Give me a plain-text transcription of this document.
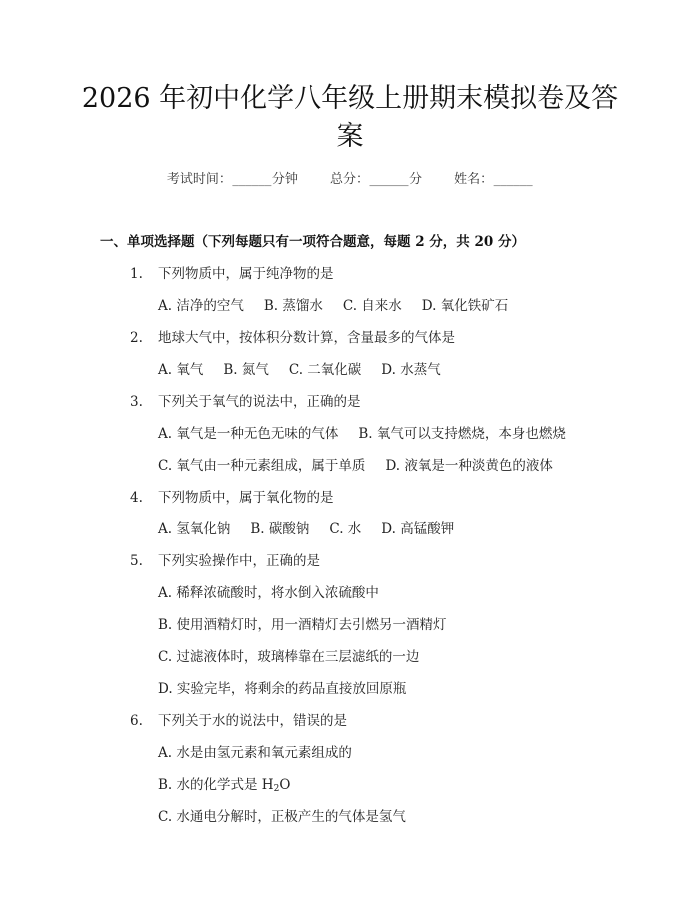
2026 年初中化学八年级上册期末模拟卷及答
案
考试时间：______分钟 总分：______分 姓名：______
一、单项选择题（下列每题只有一项符合题意，每题 2 分，共 20 分）
1. 下列物质中，属于纯净物的是
A. 洁净的空气 B. 蒸馏水 C. 自来水 D. 氧化铁矿石
2. 地球大气中，按体积分数计算，含量最多的气体是
A. 氧气 B. 氮气 C. 二氧化碳 D. 水蒸气
3. 下列关于氧气的说法中，正确的是
A. 氧气是一种无色无味的气体 B. 氧气可以支持燃烧，本身也燃烧
C. 氧气由一种元素组成，属于单质 D. 液氧是一种淡黄色的液体
4. 下列物质中，属于氧化物的是
A. 氢氧化钠 B. 碳酸钠 C. 水 D. 高锰酸钾
5. 下列实验操作中，正确的是
A. 稀释浓硫酸时，将水倒入浓硫酸中
B. 使用酒精灯时，用一酒精灯去引燃另一酒精灯
C. 过滤液体时，玻璃棒靠在三层滤纸的一边
D. 实验完毕，将剩余的药品直接放回原瓶
6. 下列关于水的说法中，错误的是
A. 水是由氢元素和氧元素组成的
B. 水的化学式是 $H_2O$
C. 水通电分解时，正极产生的气体是氢气
